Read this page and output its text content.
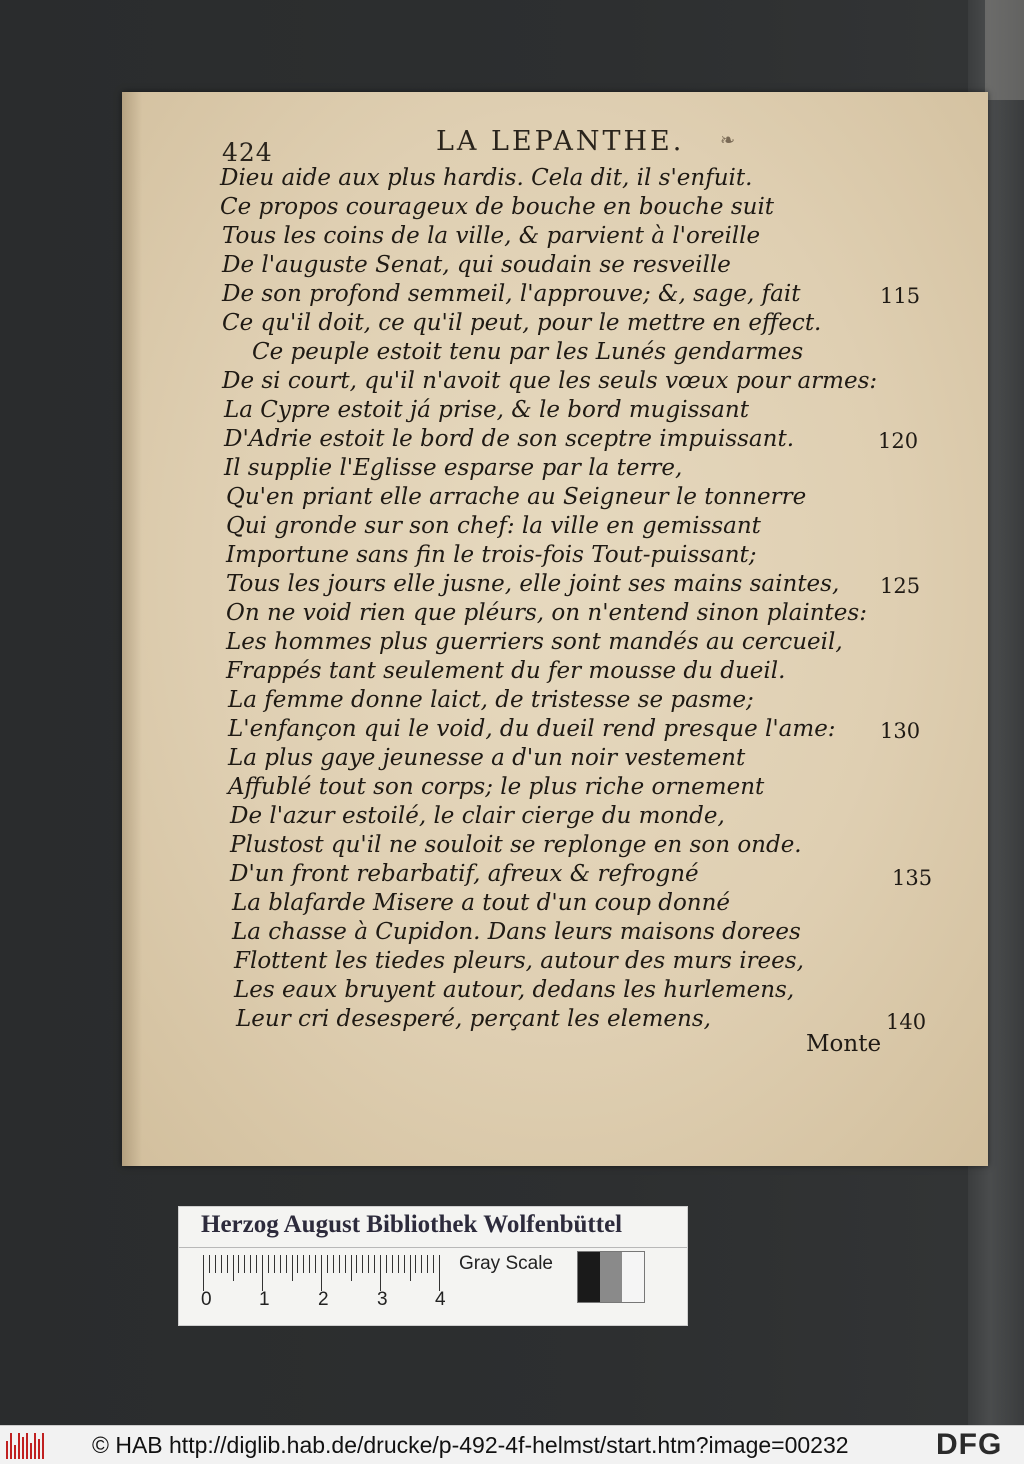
424	LA LEPANTHE. ❧
Dieu aide aux plus hardis. Cela dit, il s'enfuit.
Ce propos courageux de bouche en bouche suit
Tous les coins de la ville, & parvient à l'oreille
De l'auguste Senat, qui soudain se resveille
De son profond semmeil, l'approuve; &, sage, fait
Ce qu'il doit, ce qu'il peut, pour le mettre en effect.
Ce peuple estoit tenu par les Lunés gendarmes
De si court, qu'il n'avoit que les seuls vœux pour armes:
La Cypre estoit já prise, & le bord mugissant
D'Adrie estoit le bord de son sceptre impuissant.
Il supplie l'Eglisse esparse par la terre,
Qu'en priant elle arrache au Seigneur le tonnerre
Qui gronde sur son chef: la ville en gemissant
Importune sans fin le trois-fois Tout-puissant;
Tous les jours elle jusne, elle joint ses mains saintes,
On ne void rien que pléurs, on n'entend sinon plaintes:
Les hommes plus guerriers sont mandés au cercueil,
Frappés tant seulement du fer mousse du dueil.
La femme donne laict, de tristesse se pasme;
L'enfançon qui le void, du dueil rend presque l'ame:
La plus gaye jeunesse a d'un noir vestement
Affublé tout son corps; le plus riche ornement
De l'azur estoilé, le clair cierge du monde,
Plustost qu'il ne souloit se replonge en son onde.
D'un front rebarbatif, afreux & refrogné
La blafarde Misere a tout d'un coup donné
La chasse à Cupidon. Dans leurs maisons dorees
Flottent les tiedes pleurs, autour des murs irees,
Les eaux bruyent autour, dedans les hurlemens,
Leur cri desesperé, perçant les elemens,
115
120
125
130
135
140
Monte
Herzog August Bibliothek Wolfenbüttel
0 1	2	3 4
Gray Scale
© HAB http://diglib.hab.de/drucke/p-492-4f-helmst/start.htm?image=00232	DFG
